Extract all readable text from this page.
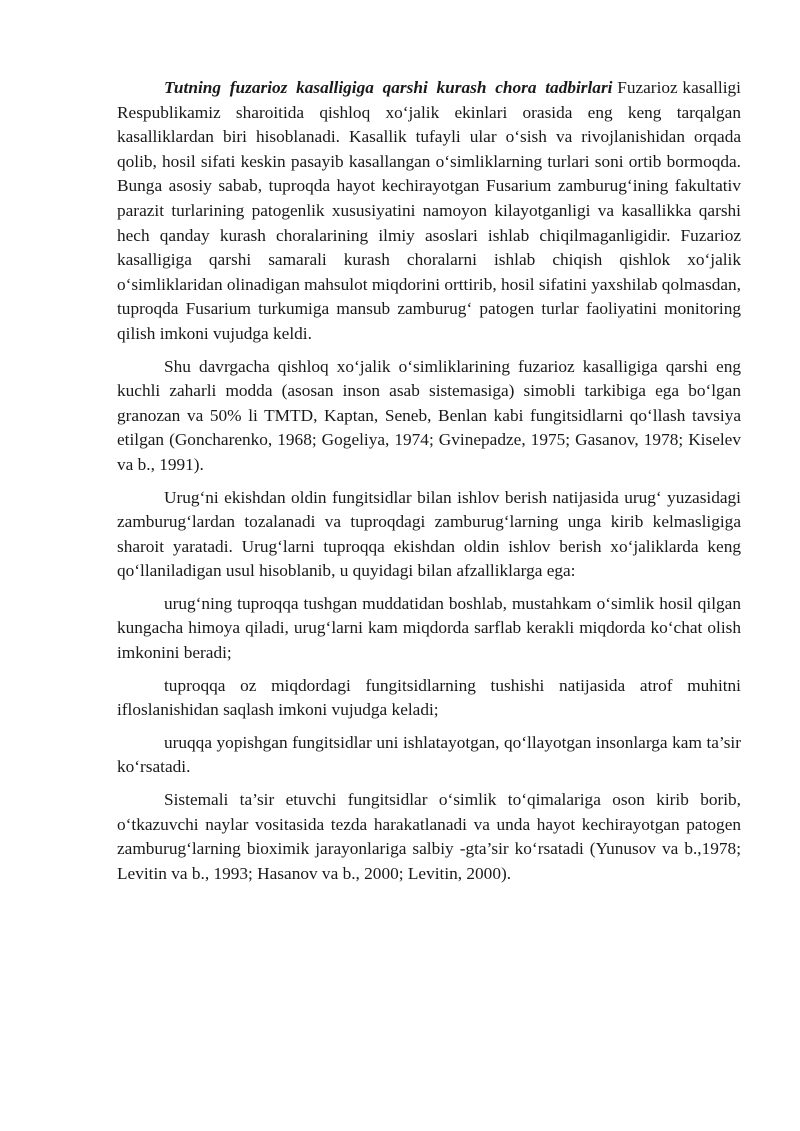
Tutning fuzarioz kasalligiga qarshi kurash chora tadbirlari Fuzarioz kasalligi Respublikamiz sharoitida qishloq xo‘jalik ekinlari orasida eng keng tarqalgan kasalliklardan biri hisoblanadi. Kasallik tufayli ular o‘sish va rivojlanishidan orqada qolib, hosil sifati keskin pasayib kasallangan o‘simliklarning turlari soni ortib bormoqda. Bunga asosiy sabab, tuproqda hayot kechirayotgan Fusarium zamburug‘ining fakultativ parazit turlarining patogenlik xususiyatini namoyon kilayotganligi va kasallikka qarshi hech qanday kurash choralarining ilmiy asoslari ishlab chiqilmaganligidir. Fuzarioz kasalligiga qarshi samarali kurash choralarni ishlab chiqish qishlok xo‘jalik o‘simliklaridan olinadigan mahsulot miqdorini orttirib, hosil sifatini yaxshilab qolmasdan, tuproqda Fusarium turkumiga mansub zamburug‘ patogen turlar faoliyatini monitoring qilish imkoni vujudga keldi.

Shu davrgacha qishloq xo‘jalik o‘simliklarining fuzarioz kasalligiga qarshi eng kuchli zaharli modda (asosan inson asab sistemasiga) simobli tarkibiga ega bo‘lgan granozan va 50% li TMTD, Kaptan, Seneb, Benlan kabi fungitsidlarni qo‘llash tavsiya etilgan (Goncharenko, 1968; Gogeliya, 1974; Gvinepadze, 1975; Gasanov, 1978; Kiselev va b., 1991).

Urug‘ni ekishdan oldin fungitsidlar bilan ishlov berish natijasida urug‘ yuzasidagi zamburug‘lardan tozalanadi va tuproqdagi zamburug‘larning unga kirib kelmasligiga sharoit yaratadi. Urug‘larni tuproqqa ekishdan oldin ishlov berish xo‘jaliklarda keng qo‘llaniladigan usul hisoblanib, u quyidagi bilan afzalliklarga ega:

urug‘ning tuproqqa tushgan muddatidan boshlab, mustahkam o‘simlik hosil qilgan kungacha himoya qiladi, urug‘larni kam miqdorda sarflab kerakli miqdorda ko‘chat olish imkonini beradi;

tuproqqa oz miqdordagi fungitsidlarning tushishi natijasida atrof muhitni ifloslanishidan saqlash imkoni vujudga keladi;

uruqqa yopishgan fungitsidlar uni ishlatayotgan, qo‘llayotgan insonlarga kam ta’sir ko‘rsatadi.

Sistemali ta’sir etuvchi fungitsidlar o‘simlik to‘qimalariga oson kirib borib, o‘tkazuvchi naylar vositasida tezda harakatlanadi va unda hayot kechirayotgan patogen zamburug‘larning bioximik jarayonlariga salbiy -gta’sir ko‘rsatadi (Yunusov va b.,1978; Levitin va b., 1993; Hasanov va b., 2000; Levitin, 2000).
